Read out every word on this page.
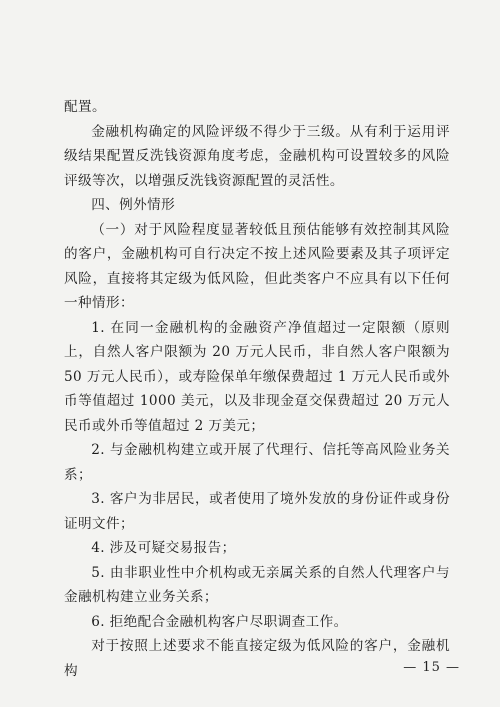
配置。

金融机构确定的风险评级不得少于三级。从有利于运用评级结果配置反洗钱资源角度考虑，金融机构可设置较多的风险评级等次，以增强反洗钱资源配置的灵活性。

四、例外情形

（一）对于风险程度显著较低且预估能够有效控制其风险的客户，金融机构可自行决定不按上述风险要素及其子项评定风险，直接将其定级为低风险，但此类客户不应具有以下任何一种情形：

1. 在同一金融机构的金融资产净值超过一定限额（原则上，自然人客户限额为 20 万元人民币，非自然人客户限额为 50 万元人民币），或寿险保单年缴保费超过 1 万元人民币或外币等值超过 1000 美元，以及非现金趸交保费超过 20 万元人民币或外币等值超过 2 万美元；

2. 与金融机构建立或开展了代理行、信托等高风险业务关系；

3. 客户为非居民，或者使用了境外发放的身份证件或身份证明文件；

4. 涉及可疑交易报告；

5. 由非职业性中介机构或无亲属关系的自然人代理客户与金融机构建立业务关系；

6. 拒绝配合金融机构客户尽职调查工作。

对于按照上述要求不能直接定级为低风险的客户，金融机构	— 15 —
